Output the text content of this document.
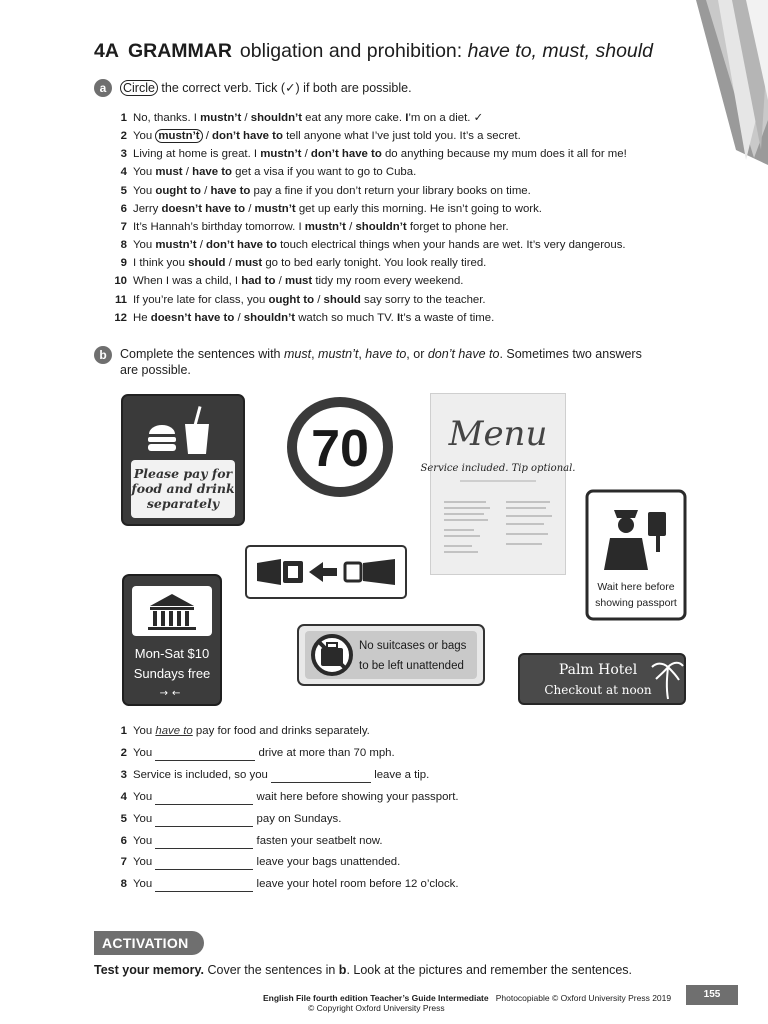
4A GRAMMAR obligation and prohibition: have to, must, should
a	Circle the correct verb. Tick (✓) if both are possible.
1 No, thanks. I mustn’t / shouldn’t eat any more cake. I’m on a diet. ✓
2 You mustn’t / don’t have to tell anyone what I’ve just told you. It’s a secret.
3 Living at home is great. I mustn’t / don’t have to do anything because my mum does it all for me!
4 You must / have to get a visa if you want to go to Cuba.
5 You ought to / have to pay a fine if you don’t return your library books on time.
6 Jerry doesn’t have to / mustn’t get up early this morning. He isn’t going to work.
7 It’s Hannah’s birthday tomorrow. I mustn’t / shouldn’t forget to phone her.
8 You mustn’t / don’t have to touch electrical things when your hands are wet. It’s very dangerous.
9 I think you should / must go to bed early tonight. You look really tired.
10 When I was a child, I had to / must tidy my room every weekend.
11 If you’re late for class, you ought to / should say sorry to the teacher.
12 He doesn’t have to / shouldn’t watch so much TV. It’s a waste of time.
b	Complete the sentences with must, mustn’t, have to, or don’t have to. Sometimes two answers
are possible.
Please pay for
food and drink
separately
70 Menu
Service included. Tip optional.
Wait here before
showing passport
Mon-Sat $10
Sundays free
→←
No suitcases or bags
to be left unattended	Palm Hotel
Checkout at noon
1 You have to pay for food and drinks separately.
2 You	drive at more than 70 mph.
3 Service is included, so you	leave a tip.
4 You	wait here before showing your passport.
5 You	pay on Sundays.
6 You	fasten your seatbelt now.
7 You	leave your bags unattended.
8 You	leave your hotel room before 12 o’clock.
ACTIVATION
Test your memory. Cover the sentences in b. Look at the pictures and remember the sentences.
English File fourth edition Teacher’s Guide Intermediate Photocopiable © Oxford University Press 2019
© Copyright Oxford University Press
155
